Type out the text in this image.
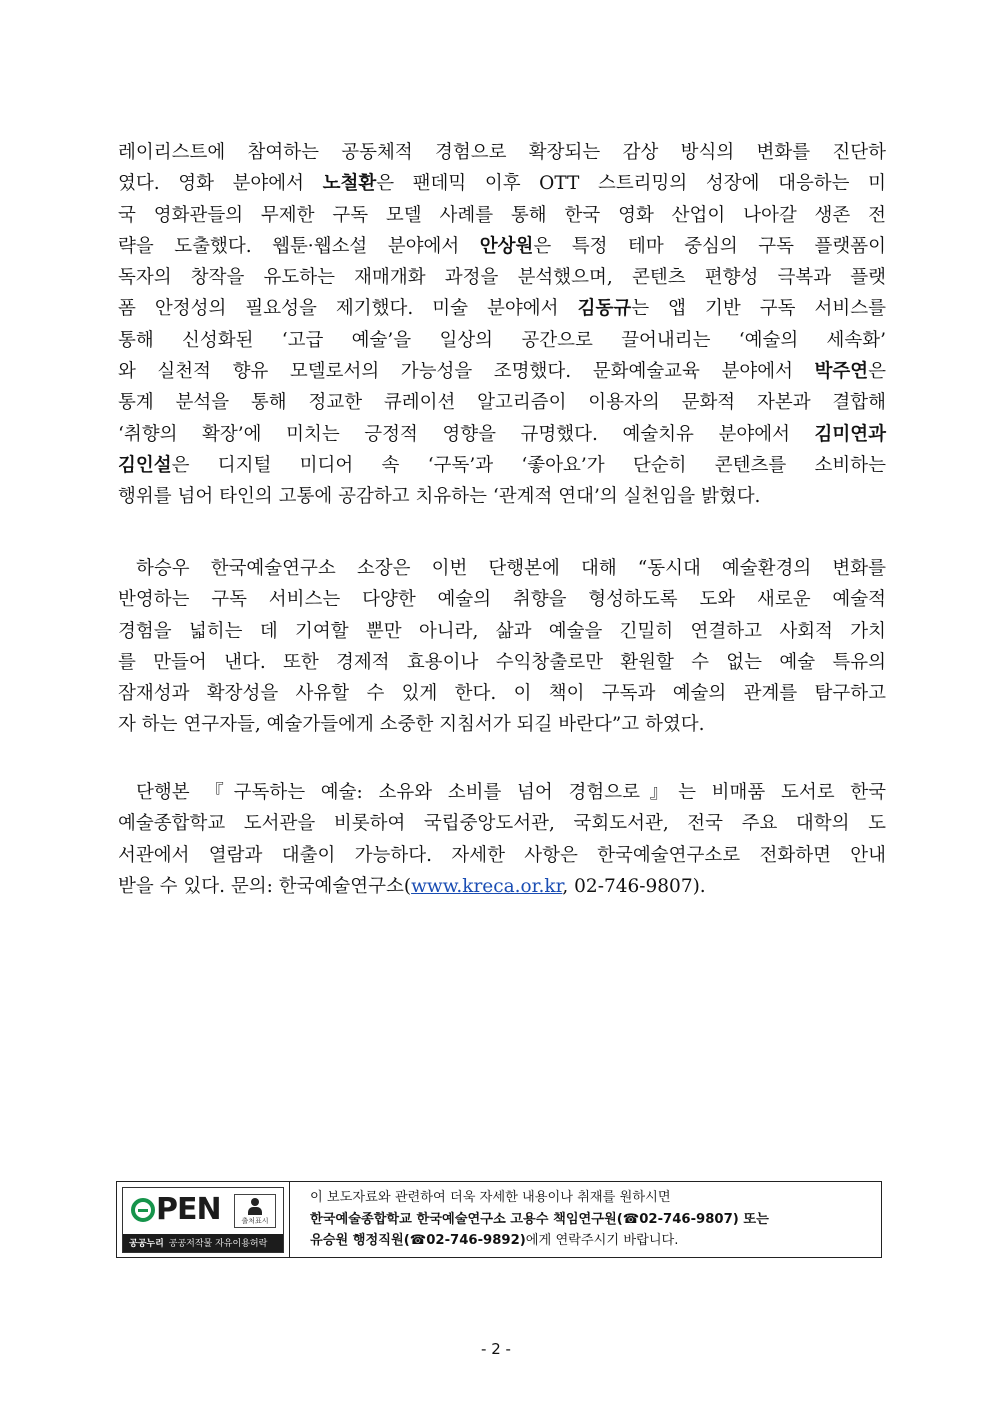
레이리스트에 참여하는 공동체적 경험으로 확장되는 감상 방식의 변화를 진단하
였다. 영화 분야에서 노철환은 팬데믹 이후 OTT 스트리밍의 성장에 대응하는 미
국 영화관들의 무제한 구독 모델 사례를 통해 한국 영화 산업이 나아갈 생존 전
략을 도출했다. 웹툰·웹소설 분야에서 안상원은 특정 테마 중심의 구독 플랫폼이
독자의 창작을 유도하는 재매개화 과정을 분석했으며, 콘텐츠 편향성 극복과 플랫
폼 안정성의 필요성을 제기했다. 미술 분야에서 김동규는 앱 기반 구독 서비스를
통해 신성화된 ‘고급 예술’을 일상의 공간으로 끌어내리는 ‘예술의 세속화’
와 실천적 향유 모델로서의 가능성을 조명했다. 문화예술교육 분야에서 박주연은
통계 분석을 통해 정교한 큐레이션 알고리즘이 이용자의 문화적 자본과 결합해
‘취향의 확장’에 미치는 긍정적 영향을 규명했다. 예술치유 분야에서 김미연과
김인설은 디지털 미디어 속 ‘구독’과 ‘좋아요’가 단순히 콘텐츠를 소비하는
행위를 넘어 타인의 고통에 공감하고 치유하는 ‘관계적 연대’의 실천임을 밝혔다.
하승우 한국예술연구소 소장은 이번 단행본에 대해 “동시대 예술환경의 변화를
반영하는 구독 서비스는 다양한 예술의 취향을 형성하도록 도와 새로운 예술적
경험을 넓히는 데 기여할 뿐만 아니라, 삶과 예술을 긴밀히 연결하고 사회적 가치
를 만들어 낸다. 또한 경제적 효용이나 수익창출로만 환원할 수 없는 예술 특유의
잠재성과 확장성을 사유할 수 있게 한다. 이 책이 구독과 예술의 관계를 탐구하고
자 하는 연구자들, 예술가들에게 소중한 지침서가 되길 바란다”고 하였다.
단행본 『구독하는 예술: 소유와 소비를 넘어 경험으로』는 비매품 도서로 한국
예술종합학교 도서관을 비롯하여 국립중앙도서관, 국회도서관, 전국 주요 대학의 도
서관에서 열람과 대출이 가능하다. 자세한 사항은 한국예술연구소로 전화하면 안내
받을 수 있다. 문의: 한국예술연구소(www.kreca.or.kr, 02-746-9807).
PEN	출처표시
공공누리 공공저작물 자유이용허락
이 보도자료와 관련하여 더욱 자세한 내용이나 취재를 원하시면
한국예술종합학교 한국예술연구소 고용수 책임연구원(☎02-746-9807) 또는
유승원 행정직원(☎02-746-9892)에게 연락주시기 바랍니다.
- 2 -
